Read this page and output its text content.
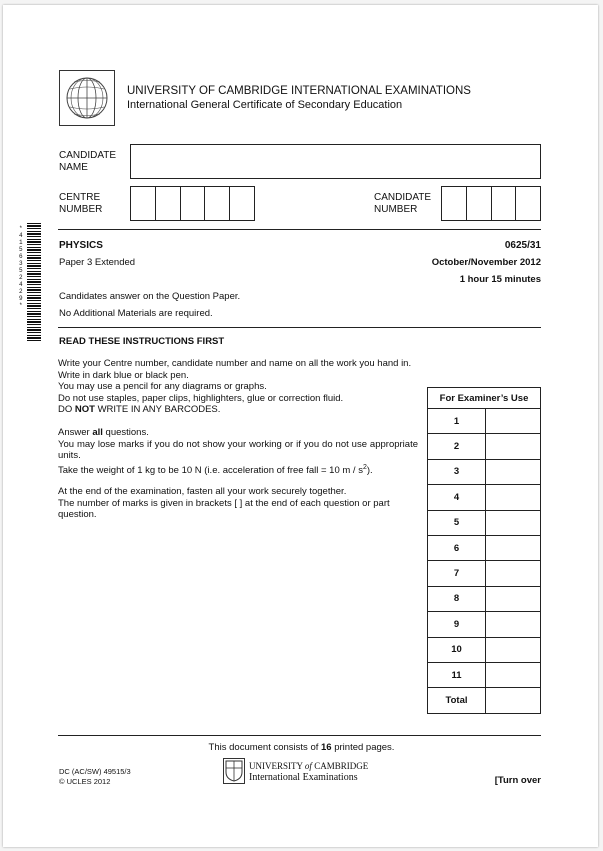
UNIVERSITY OF CAMBRIDGE INTERNATIONAL EXAMINATIONS
International General Certificate of Secondary Education
CANDIDATE
NAME
CENTRE
NUMBER
CANDIDATE
NUMBER
*4156352429*
PHYSICS	0625/31
Paper 3 Extended	October/November 2012
1 hour 15 minutes
Candidates answer on the Question Paper.
No Additional Materials are required.
READ THESE INSTRUCTIONS FIRST

Write your Centre number, candidate number and name on all the work you hand in.

Write in dark blue or black pen.

You may use a pencil for any diagrams or graphs.

Do not use staples, paper clips, highlighters, glue or correction fluid.

DO NOT WRITE IN ANY BARCODES.

Answer all questions.

You may lose marks if you do not show your working or if you do not use appropriate units.

Take the weight of 1 kg to be 10 N (i.e. acceleration of free fall = 10 m / $s^2$).

At the end of the examination, fasten all your work securely together.

The number of marks is given in brackets [ ] at the end of each question or part question.

For Examiner’s Use	
1	
2	
3	
4	
5	
6	
7	
8	
9	
10	
11	
Total	
This document consists of 16 printed pages.
DC (AC/SW) 49515/3
© UCLES 2012
UNIVERSITY of CAMBRIDGE
International Examinations	[Turn over
